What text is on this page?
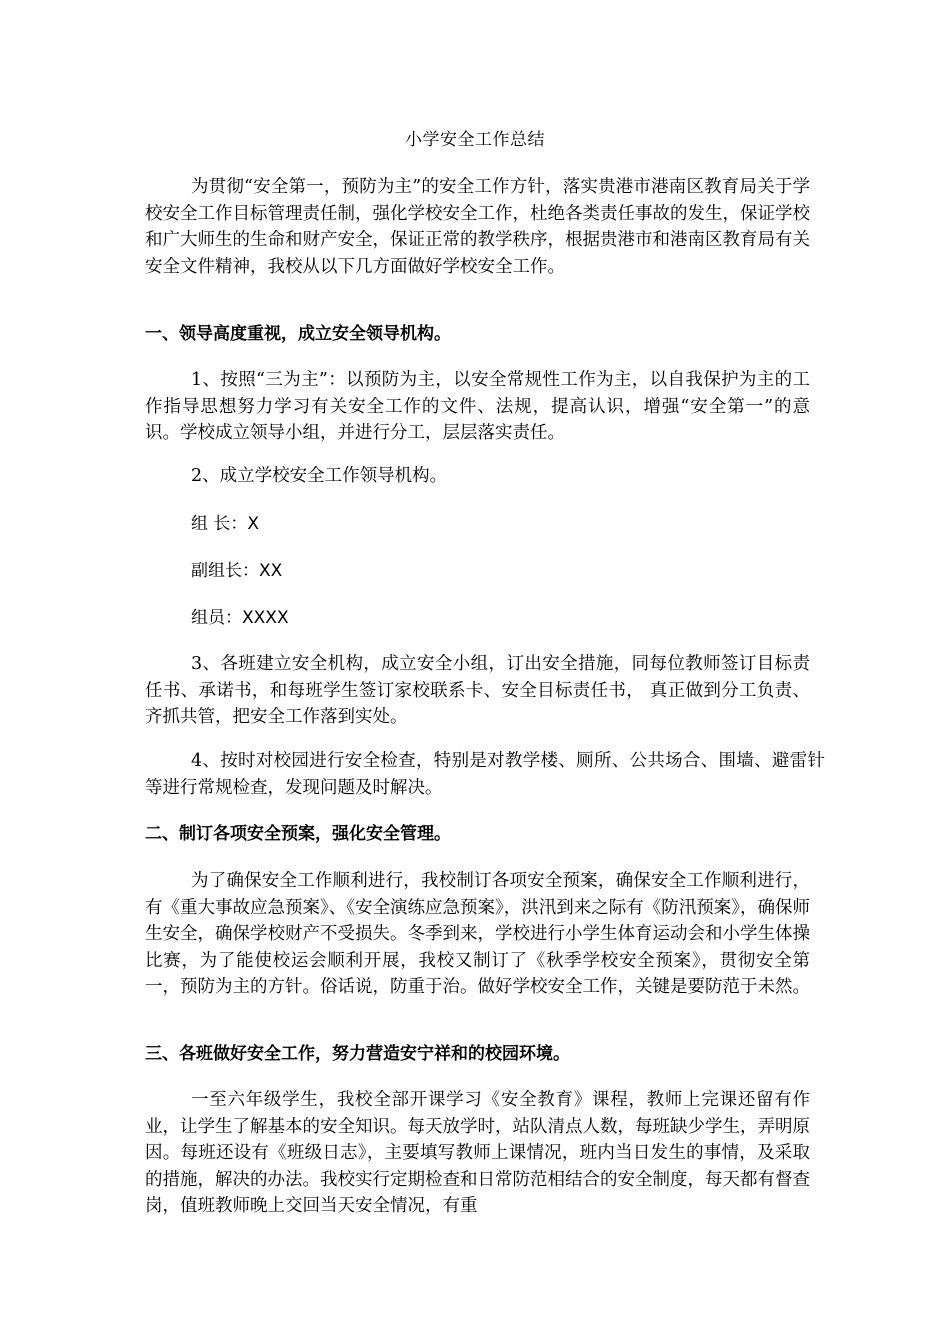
小学安全工作总结

为贯彻“安全第一，预防为主”的安全工作方针，落实贵港市港南区教育局关于学校安全工作目标管理责任制，强化学校安全工作，杜绝各类责任事故的发生，保证学校和广大师生的生命和财产安全，保证正常的教学秩序，根据贵港市和港南区教育局有关安全文件精神，我校从以下几方面做好学校安全工作。

一、领导高度重视，成立安全领导机构。

1、按照“三为主”：以预防为主，以安全常规性工作为主，以自我保护为主的工作指导思想努力学习有关安全工作的文件、法规，提高认识，增强“安全第一”的意识。学校成立领导小组，并进行分工，层层落实责任。

2、成立学校安全工作领导机构。
组 长：X
副组长：XX
组员：XXXX

3、各班建立安全机构，成立安全小组，订出安全措施，同每位教师签订目标责任书、承诺书，和每班学生签订家校联系卡、安全目标责任书， 真正做到分工负责、齐抓共管，把安全工作落到实处。

4、按时对校园进行安全检查，特别是对教学楼、厕所、公共场合、围墙、避雷针等进行常规检查，发现问题及时解决。

二、制订各项安全预案，强化安全管理。

为了确保安全工作顺利进行，我校制订各项安全预案，确保安全工作顺利进行，有《重大事故应急预案》、《安全演练应急预案》，洪汛到来之际有《防汛预案》，确保师生安全，确保学校财产不受损失。冬季到来，学校进行小学生体育运动会和小学生体操比赛，为了能使校运会顺利开展，我校又制订了《秋季学校安全预案》，贯彻安全第一，预防为主的方针。俗话说，防重于治。做好学校安全工作，关键是要防范于未然。

三、各班做好安全工作，努力营造安宁祥和的校园环境。

一至六年级学生，我校全部开课学习《安全教育》课程，教师上完课还留有作业，让学生了解基本的安全知识。每天放学时，站队清点人数，每班缺少学生，弄明原因。每班还设有《班级日志》，主要填写教师上课情况，班内当日发生的事情，及采取的措施，解决的办法。我校实行定期检查和日常防范相结合的安全制度，每天都有督查岗，值班教师晚上交回当天安全情况，有重
